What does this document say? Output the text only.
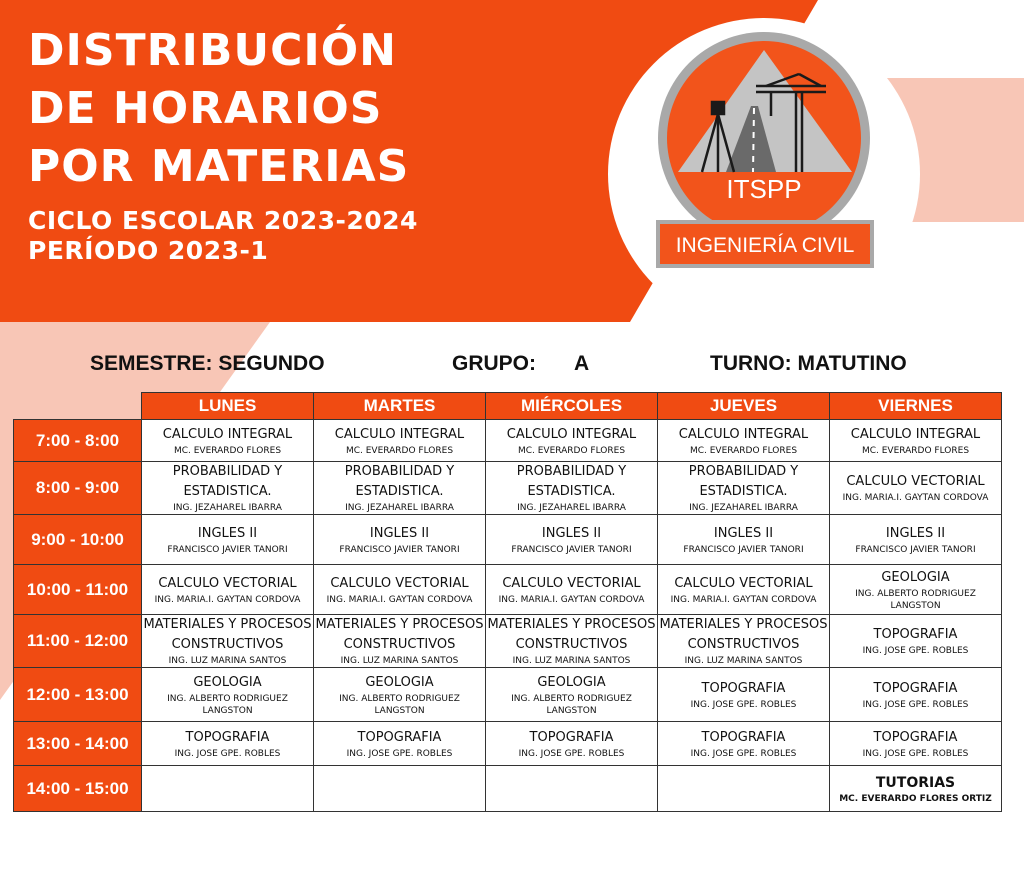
DISTRIBUCIÓN
DE HORARIOS
POR MATERIAS
CICLO ESCOLAR 2023-2024
PERÍODO 2023-1
ITSPP
INGENIERÍA CIVIL
SEMESTRE: SEGUNDO	GRUPO: A	TURNO: MATUTINO
	LUNES	MARTES	MIÉRCOLES	JUEVES	VIERNES
7:00 - 8:00	CALCULO INTEGRAL
MC. EVERARDO FLORES	CALCULO INTEGRAL
MC. EVERARDO FLORES	CALCULO INTEGRAL
MC. EVERARDO FLORES	CALCULO INTEGRAL
MC. EVERARDO FLORES	CALCULO INTEGRAL
MC. EVERARDO FLORES

8:00 - 9:00	PROBABILIDAD Y ESTADISTICA.
ING. JEZAHAREL IBARRA	PROBABILIDAD Y ESTADISTICA.
ING. JEZAHAREL IBARRA	PROBABILIDAD Y ESTADISTICA.
ING. JEZAHAREL IBARRA	PROBABILIDAD Y ESTADISTICA.
ING. JEZAHAREL IBARRA	CALCULO VECTORIAL
ING. MARIA.I. GAYTAN CORDOVA

9:00 - 10:00	INGLES II
FRANCISCO JAVIER TANORI	INGLES II
FRANCISCO JAVIER TANORI	INGLES II
FRANCISCO JAVIER TANORI	INGLES II
FRANCISCO JAVIER TANORI	INGLES II
FRANCISCO JAVIER TANORI

10:00 - 11:00	CALCULO VECTORIAL
ING. MARIA.I. GAYTAN CORDOVA	CALCULO VECTORIAL
ING. MARIA.I. GAYTAN CORDOVA	CALCULO VECTORIAL
ING. MARIA.I. GAYTAN CORDOVA	CALCULO VECTORIAL
ING. MARIA.I. GAYTAN CORDOVA	GEOLOGIA
ING. ALBERTO RODRIGUEZ LANGSTON

11:00 - 12:00	MATERIALES Y PROCESOS CONSTRUCTIVOS
ING. LUZ MARINA SANTOS	MATERIALES Y PROCESOS CONSTRUCTIVOS
ING. LUZ MARINA SANTOS	MATERIALES Y PROCESOS CONSTRUCTIVOS
ING. LUZ MARINA SANTOS	MATERIALES Y PROCESOS CONSTRUCTIVOS
ING. LUZ MARINA SANTOS	TOPOGRAFIA
ING. JOSE GPE. ROBLES

12:00 - 13:00	GEOLOGIA
ING. ALBERTO RODRIGUEZ LANGSTON	GEOLOGIA
ING. ALBERTO RODRIGUEZ LANGSTON	GEOLOGIA
ING. ALBERTO RODRIGUEZ LANGSTON	TOPOGRAFIA
ING. JOSE GPE. ROBLES	TOPOGRAFIA
ING. JOSE GPE. ROBLES

13:00 - 14:00	TOPOGRAFIA
ING. JOSE GPE. ROBLES	TOPOGRAFIA
ING. JOSE GPE. ROBLES	TOPOGRAFIA
ING. JOSE GPE. ROBLES	TOPOGRAFIA
ING. JOSE GPE. ROBLES	TOPOGRAFIA
ING. JOSE GPE. ROBLES

14:00 - 15:00					TUTORIAS
MC. EVERARDO FLORES ORTIZ
